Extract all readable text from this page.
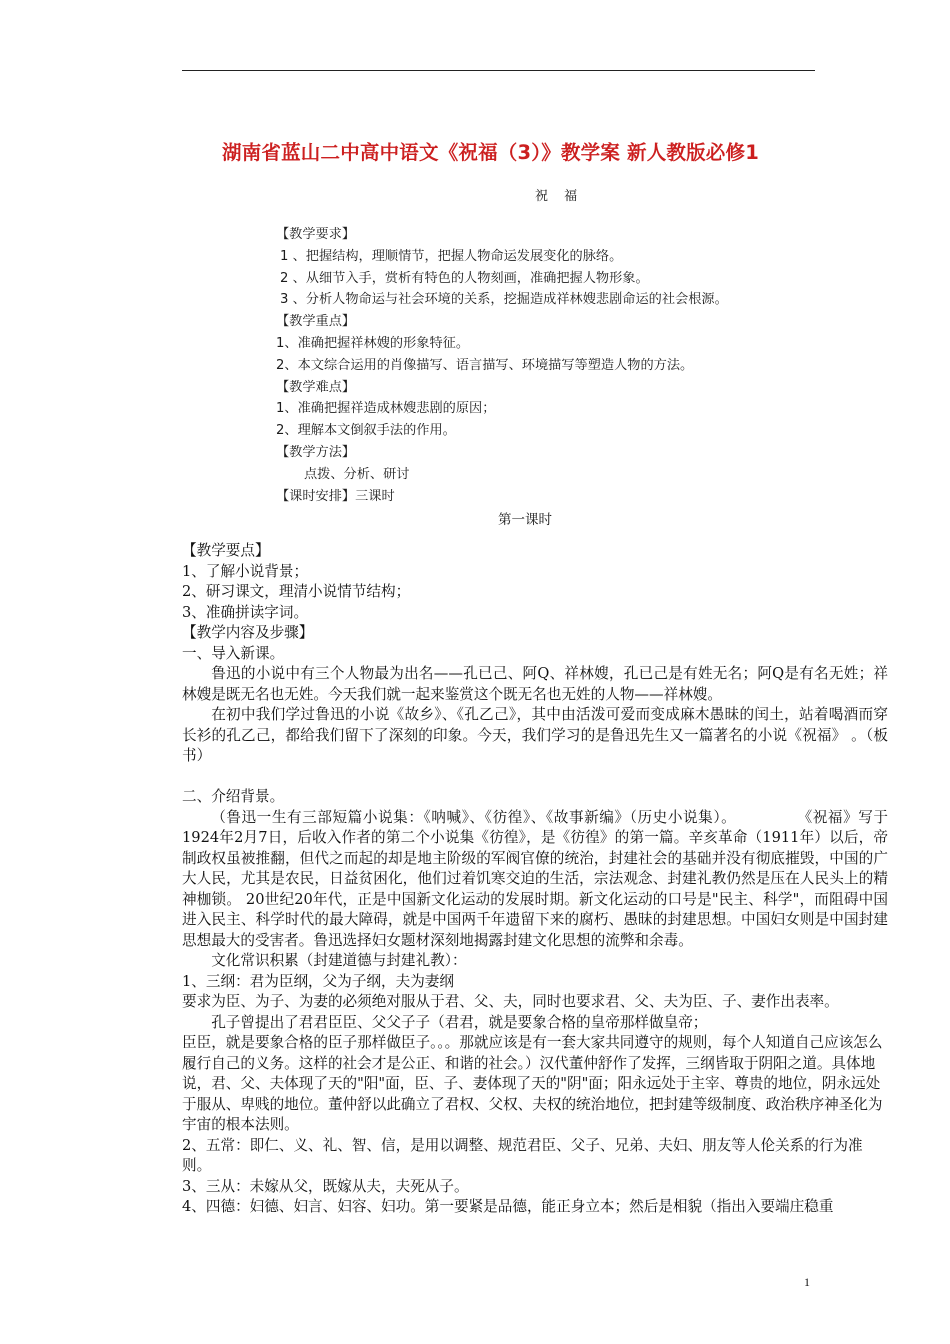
湖南省蓝山二中高中语文《祝福（3）》教学案 新人教版必修1
祝 福
【教学要求】
1 、把握结构，理顺情节，把握人物命运发展变化的脉络。
2 、从细节入手，赏析有特色的人物刻画，准确把握人物形象。
3 、分析人物命运与社会环境的关系，挖掘造成祥林嫂悲剧命运的社会根源。
【教学重点】
1、准确把握祥林嫂的形象特征。
2、本文综合运用的肖像描写、语言描写、环境描写等塑造人物的方法。
【教学难点】
1、准确把握祥造成林嫂悲剧的原因；
2、理解本文倒叙手法的作用。
【教学方法】
点拨、分析、研讨
【课时安排】三课时
第一课时

【教学要点】

1、了解小说背景；

2、研习课文，理清小说情节结构；

3、准确拼读字词。

【教学内容及步骤】

一、导入新课。

鲁迅的小说中有三个人物最为出名——孔已己、阿Q、祥林嫂，孔已己是有姓无名；阿Q是有名无姓；祥林嫂是既无名也无姓。今天我们就一起来鉴赏这个既无名也无姓的人物——祥林嫂。

在初中我们学过鲁迅的小说《故乡》、《孔乙己》，其中由活泼可爱而变成麻木愚昧的闰土，站着喝酒而穿长衫的孔乙己，都给我们留下了深刻的印象。今天，我们学习的是鲁迅先生又一篇著名的小说《祝福》 。（板书）

二、介绍背景。

（鲁迅一生有三部短篇小说集：《呐喊》、《彷徨》、《故事新编》（历史小说集）。　　　　　《祝福》写于1924年2月7日，后收入作者的第二个小说集《彷徨》，是《彷徨》的第一篇。辛亥革命（1911年）以后，帝制政权虽被推翻，但代之而起的却是地主阶级的军阀官僚的统治，封建社会的基础并没有彻底摧毁，中国的广大人民，尤其是农民，日益贫困化，他们过着饥寒交迫的生活，宗法观念、封建礼教仍然是压在人民头上的精神枷锁。 20世纪20年代，正是中国新文化运动的发展时期。新文化运动的口号是"民主、科学"，而阻碍中国进入民主、科学时代的最大障碍，就是中国两千年遗留下来的腐朽、愚昧的封建思想。中国妇女则是中国封建思想最大的受害者。鲁迅选择妇女题材深刻地揭露封建文化思想的流弊和余毒。

文化常识积累（封建道德与封建礼教）：

1、三纲：君为臣纲，父为子纲，夫为妻纲

要求为臣、为子、为妻的必须绝对服从于君、父、夫，同时也要求君、父、夫为臣、子、妻作出表率。

孔子曾提出了君君臣臣、父父子子（君君，就是要象合格的皇帝那样做皇帝；

臣臣，就是要象合格的臣子那样做臣子。。。那就应该是有一套大家共同遵守的规则，每个人知道自己应该怎么履行自己的义务。这样的社会才是公正、和谐的社会。）汉代董仲舒作了发挥，三纲皆取于阴阳之道。具体地说，君、父、夫体现了天的"阳"面，臣、子、妻体现了天的"阴"面；阳永远处于主宰、尊贵的地位，阴永远处于服从、卑贱的地位。董仲舒以此确立了君权、父权、夫权的统治地位，把封建等级制度、政治秩序神圣化为宇宙的根本法则。

2、五常：即仁、义、礼、智、信，是用以调整、规范君臣、父子、兄弟、夫妇、朋友等人伦关系的行为准则。

3、三从：未嫁从父，既嫁从夫，夫死从子。

4、四德：妇德、妇言、妇容、妇功。第一要紧是品德，能正身立本；然后是相貌（指出入要端庄稳重

1
